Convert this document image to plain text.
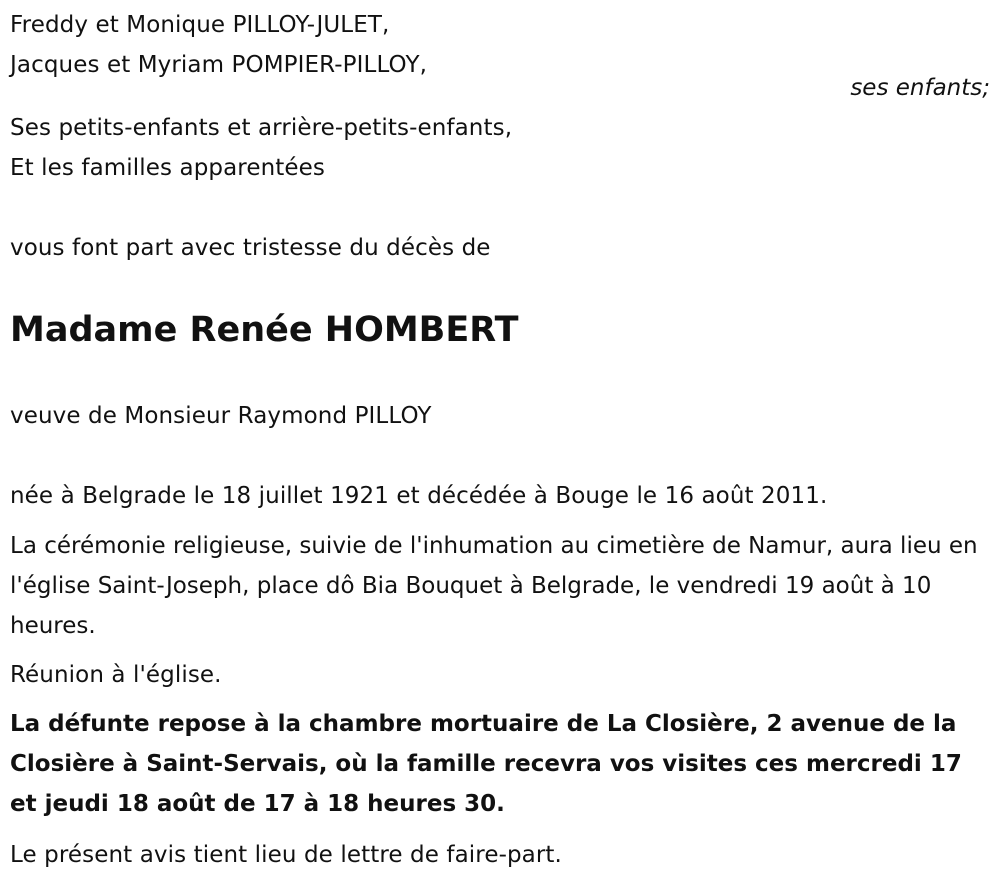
Freddy et Monique PILLOY-JULET,

Jacques et Myriam POMPIER-PILLOY,

ses enfants;

Ses petits-enfants et arrière-petits-enfants,

Et les familles apparentées

vous font part avec tristesse du décès de

Madame Renée HOMBERT

veuve de Monsieur Raymond PILLOY

née à Belgrade le 18 juillet 1921 et décédée à Bouge le 16 août 2011.

La cérémonie religieuse, suivie de l'inhumation au cimetière de Namur, aura lieu en l'église Saint-Joseph, place dô Bia Bouquet à Belgrade, le vendredi 19 août à 10 heures.

Réunion à l'église.

La défunte repose à la chambre mortuaire de La Closière, 2 avenue de la Closière à Saint-Servais, où la famille recevra vos visites ces mercredi 17 et jeudi 18 août de 17 à 18 heures 30.

Le présent avis tient lieu de lettre de faire-part.
